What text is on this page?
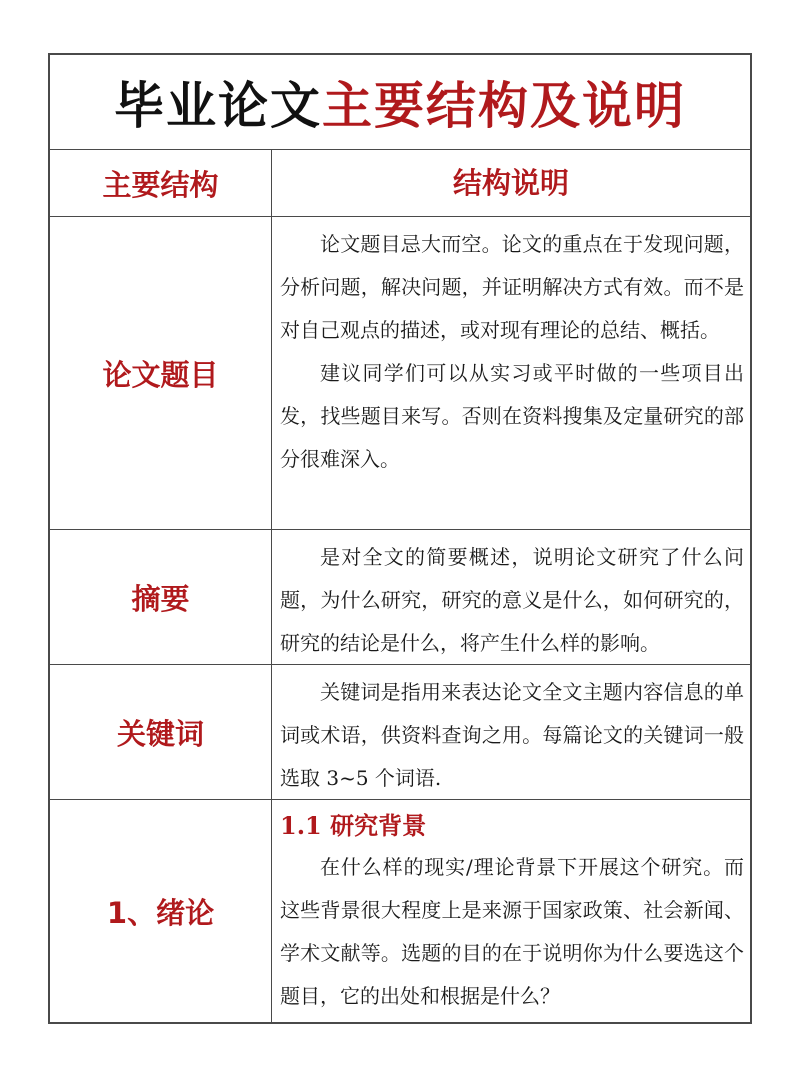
毕业论文 主要结构及说明
主要结构	结构说明
论文题目

论文题目忌大而空。论文的重点在于发现问题，分析问题，解决问题，并证明解决方式有效。而不是对自己观点的描述，或对现有理论的总结、概括。

建议同学们可以从实习或平时做的一些项目出发，找些题目来写。否则在资料搜集及定量研究的部分很难深入。

摘要

是对全文的简要概述，说明论文研究了什么问题，为什么研究，研究的意义是什么，如何研究的，研究的结论是什么，将产生什么样的影响。

关键词

关键词是指用来表达论文全文主题内容信息的单词或术语，供资料查询之用。每篇论文的关键词一般选取 3~5 个词语.

1、绪论

1.1 研究背景

在什么样的现实/理论背景下开展这个研究。而这些背景很大程度上是来源于国家政策、社会新闻、学术文献等。选题的目的在于说明你为什么要选这个题目，它的出处和根据是什么？
